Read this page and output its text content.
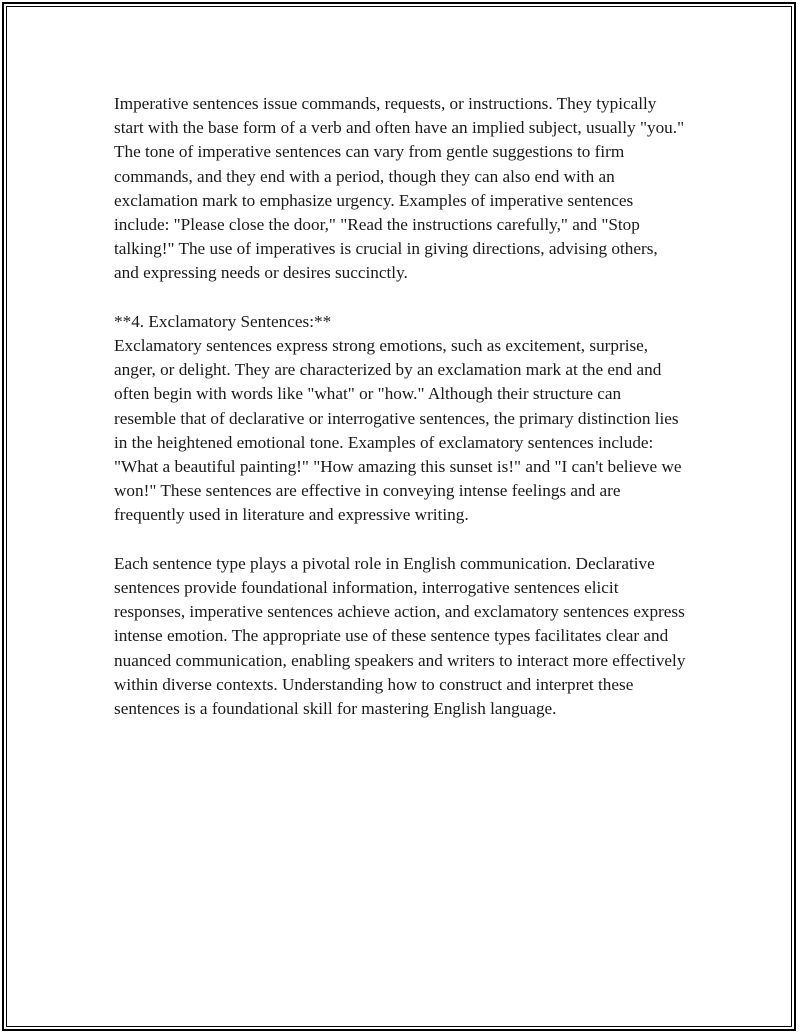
Imperative sentences issue commands, requests, or instructions. They typically start with the base form of a verb and often have an implied subject, usually "you." The tone of imperative sentences can vary from gentle suggestions to firm commands, and they end with a period, though they can also end with an exclamation mark to emphasize urgency. Examples of imperative sentences include: "Please close the door," "Read the instructions carefully," and "Stop talking!" The use of imperatives is crucial in giving directions, advising others, and expressing needs or desires succinctly.

**4. Exclamatory Sentences:**
Exclamatory sentences express strong emotions, such as excitement, surprise, anger, or delight. They are characterized by an exclamation mark at the end and often begin with words like "what" or "how." Although their structure can resemble that of declarative or interrogative sentences, the primary distinction lies in the heightened emotional tone. Examples of exclamatory sentences include: "What a beautiful painting!" "How amazing this sunset is!" and "I can't believe we won!" These sentences are effective in conveying intense feelings and are frequently used in literature and expressive writing.

Each sentence type plays a pivotal role in English communication. Declarative sentences provide foundational information, interrogative sentences elicit responses, imperative sentences achieve action, and exclamatory sentences express intense emotion. The appropriate use of these sentence types facilitates clear and nuanced communication, enabling speakers and writers to interact more effectively within diverse contexts. Understanding how to construct and interpret these sentences is a foundational skill for mastering English language.
